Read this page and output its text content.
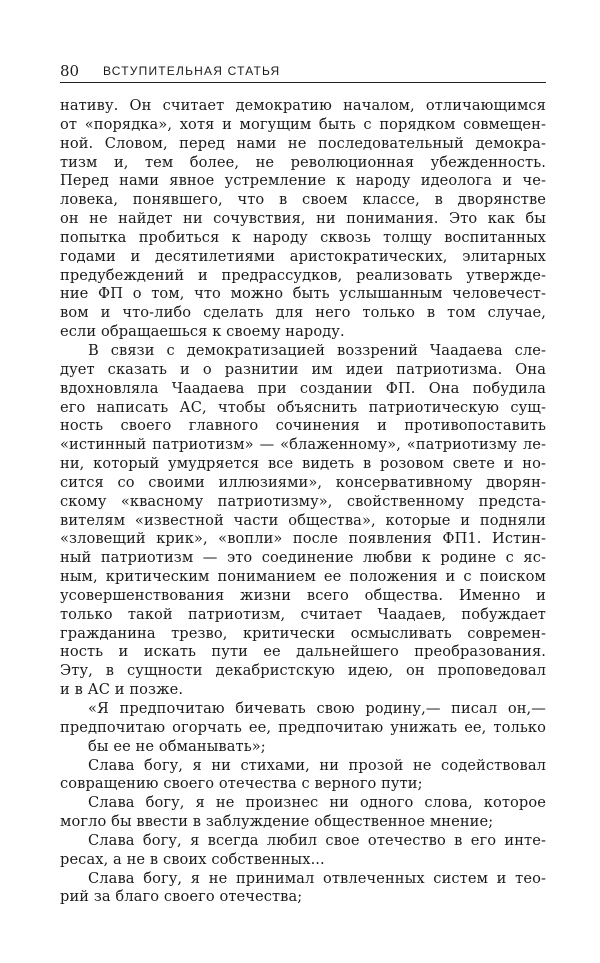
80 ВСТУПИТЕЛЬНАЯ СТАТЬЯ
нативу. Он считает демократию началом, отличающимся
от «порядка», хотя и могущим быть с порядком совмещен-
ной. Словом, перед нами не последовательный демокра-
тизм и, тем более, не революционная убежденность.
Перед нами явное устремление к народу идеолога и че-
ловека, понявшего, что в своем классе, в дворянстве
он не найдет ни сочувствия, ни понимания. Это как бы
попытка пробиться к народу сквозь толщу воспитанных
годами и десятилетиями аристократических, элитарных
предубеждений и предрассудков, реализовать утвержде-
ние ФП о том, что можно быть услышанным человечест-
вом и что-либо сделать для него только в том случае,
если обращаешься к своему народу.
В связи с демократизацией воззрений Чаадаева сле-
дует сказать и о разнитии им идеи патриотизма. Она
вдохновляла Чаадаева при создании ФП. Она побудила
его написать АС, чтобы объяснить патриотическую сущ-
ность своего главного сочинения и противопоставить
«истинный патриотизм» — «блаженному», «патриотизму ле-
ни, который умудряется все видеть в розовом свете и но-
сится со своими иллюзиями», консервативному дворян-
скому «квасному патриотизму», свойственному предста-
вителям «известной части общества», которые и подняли
«зловещий крик», «вопли» после появления ФП1. Истин-
ный патриотизм — это соединение любви к родине с яс-
ным, критическим пониманием ее положения и с поиском
усовершенствования жизни всего общества. Именно и
только такой патриотизм, считает Чаадаев, побуждает
гражданина трезво, критически осмысливать современ-
ность и искать пути ее дальнейшего преобразования.
Эту, в сущности декабристскую идею, он проповедовал
и в АС и позже.
«Я предпочитаю бичевать свою родину,— писал он,—
предпочитаю огорчать ее, предпочитаю унижать ее, только
бы ее не обманывать»;
Слава богу, я ни стихами, ни прозой не содействовал
совращению своего отечества с верного пути;
Слава богу, я не произнес ни одного слова, которое
могло бы ввести в заблуждение общественное мнение;
Слава богу, я всегда любил свое отечество в его инте-
ресах, а не в своих собственных...
Слава богу, я не принимал отвлеченных систем и тео-
рий за благо своего отечества;
